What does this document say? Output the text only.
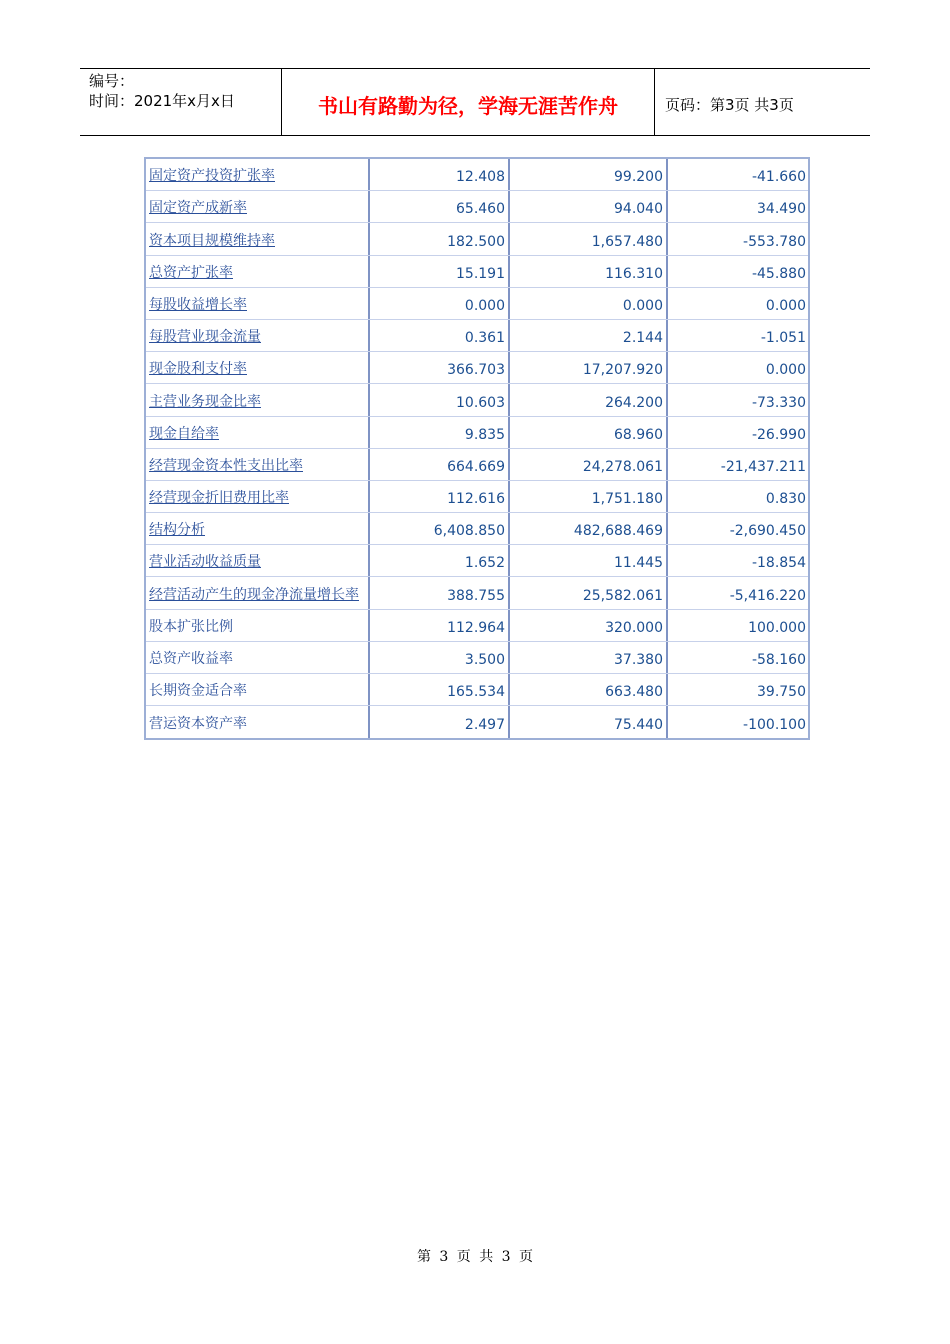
编号：
时间：2021年x月x日	书山有路勤为径，学海无涯苦作舟	页码：第3页 共3页
固定资产投资扩张率	12.408	99.200	-41.660
固定资产成新率	65.460	94.040	34.490
资本项目规模维持率	182.500	1,657.480	-553.780
总资产扩张率	15.191	116.310	-45.880
每股收益增长率	0.000	0.000	0.000
每股营业现金流量	0.361	2.144	-1.051
现金股利支付率	366.703	17,207.920	0.000
主营业务现金比率	10.603	264.200	-73.330
现金自给率	9.835	68.960	-26.990
经营现金资本性支出比率	664.669	24,278.061	-21,437.211
经营现金折旧费用比率	112.616	1,751.180	0.830
结构分析	6,408.850	482,688.469	-2,690.450
营业活动收益质量	1.652	11.445	-18.854
经营活动产生的现金净流量增长率	388.755	25,582.061	-5,416.220
股本扩张比例	112.964	320.000	100.000
总资产收益率	3.500	37.380	-58.160
长期资金适合率	165.534	663.480	39.750
营运资本资产率	2.497	75.440	-100.100
第 3 页 共 3 页
